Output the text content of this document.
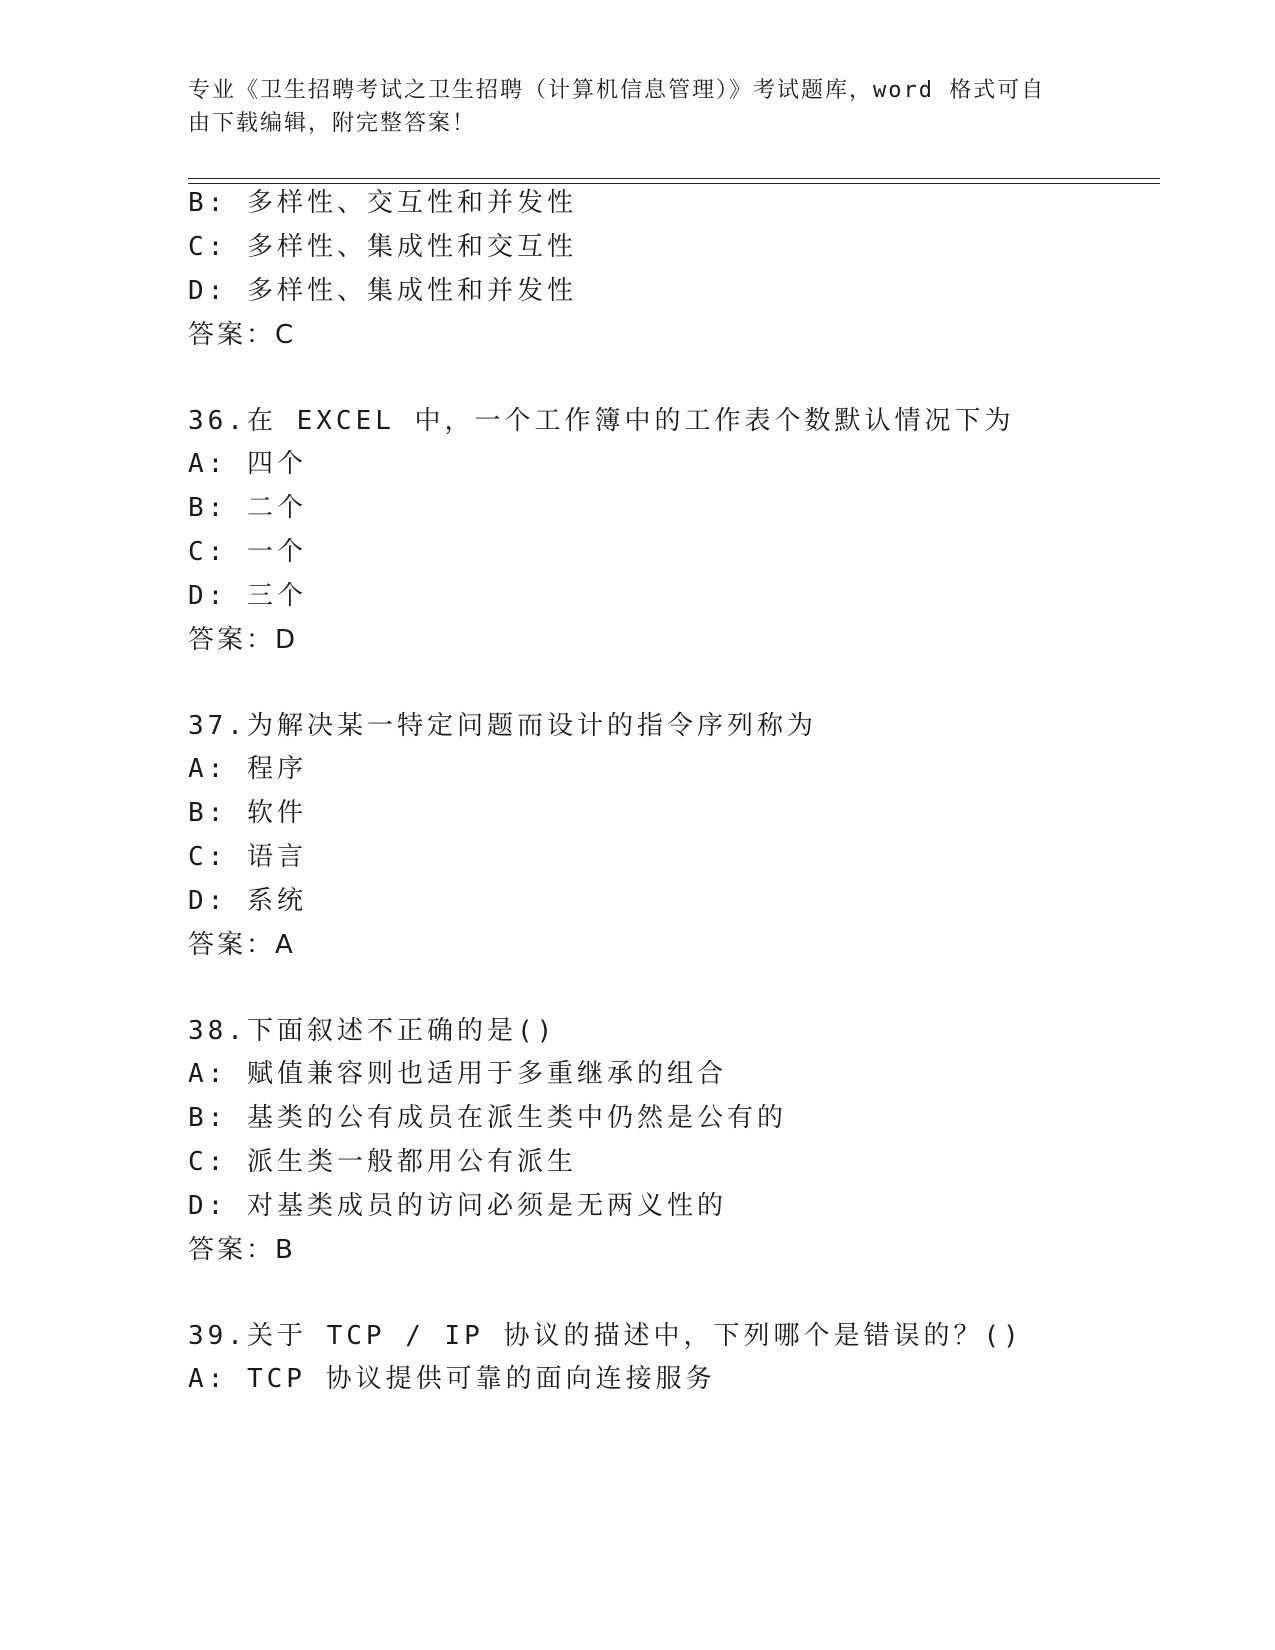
专业《卫生招聘考试之卫生招聘（计算机信息管理）》考试题库，word 格式可自由下载编辑，附完整答案！
B: 多样性、交互性和并发性
C: 多样性、集成性和交互性
D: 多样性、集成性和并发性
答案：C
36.在 EXCEL 中，一个工作簿中的工作表个数默认情况下为
A: 四个
B: 二个
C: 一个
D: 三个
答案：D
37.为解决某一特定问题而设计的指令序列称为
A: 程序
B: 软件
C: 语言
D: 系统
答案：A
38.下面叙述不正确的是()
A: 赋值兼容则也适用于多重继承的组合
B: 基类的公有成员在派生类中仍然是公有的
C: 派生类一般都用公有派生
D: 对基类成员的访问必须是无两义性的
答案：B
39.关于 TCP / IP 协议的描述中，下列哪个是错误的？()
A: TCP 协议提供可靠的面向连接服务
